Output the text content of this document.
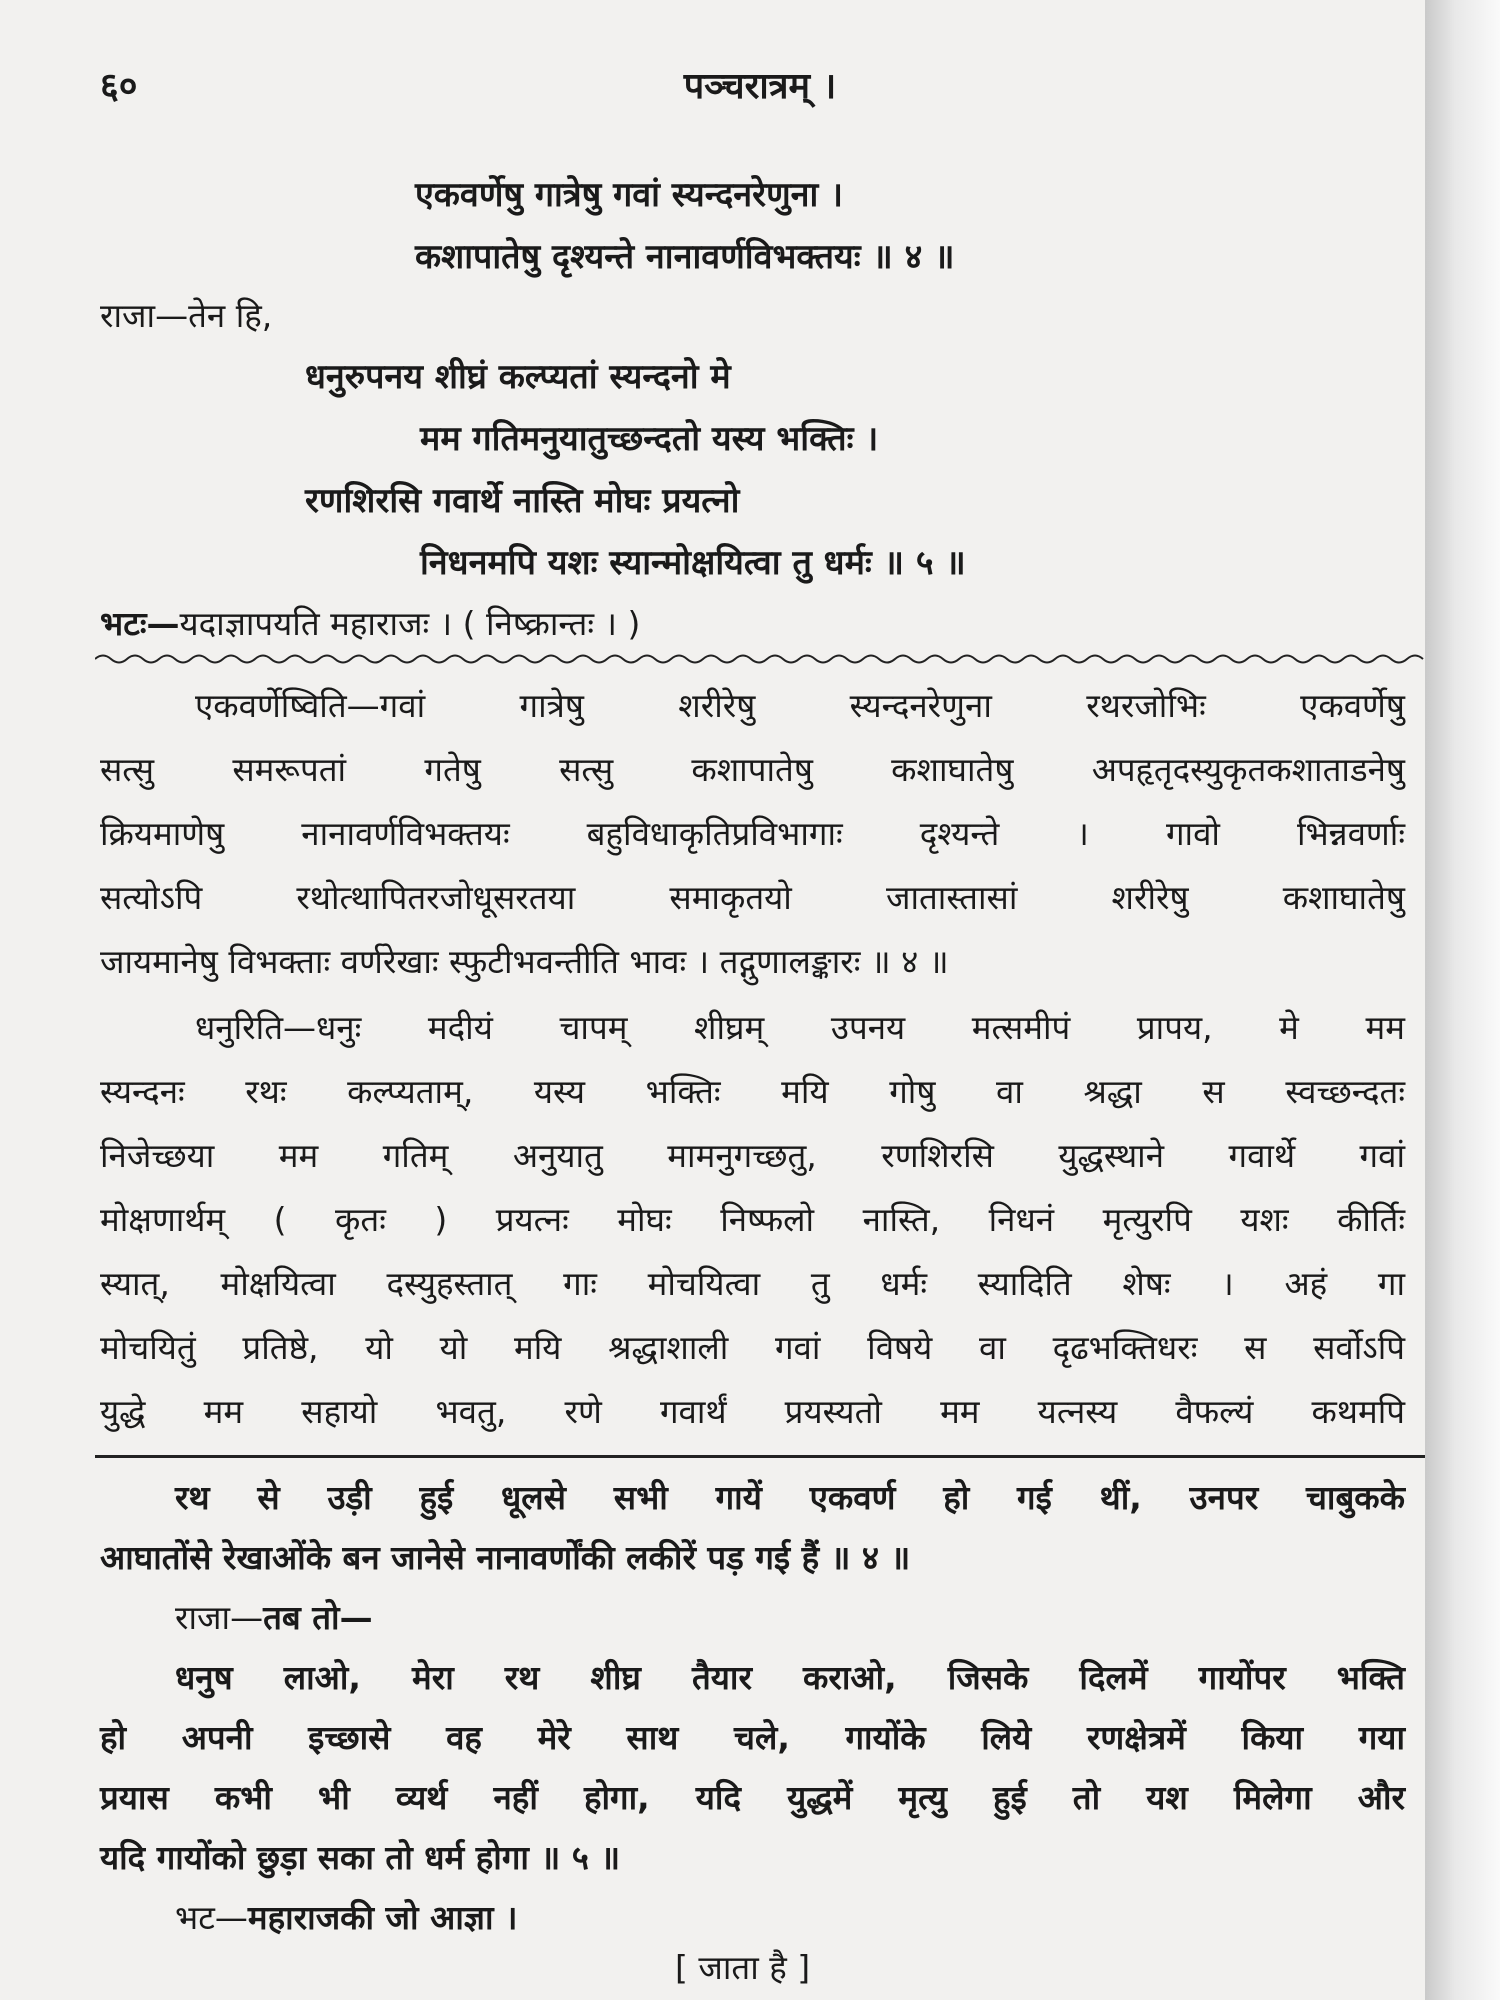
६०	पञ्चरात्रम् ।
एकवर्णेषु गात्रेषु गवां स्यन्दनरेणुना ।
कशापातेषु दृश्यन्ते नानावर्णविभक्तयः ॥ ४ ॥
राजा—तेन हि,
धनुरुपनय शीघ्रं कल्प्यतां स्यन्दनो मे
मम गतिमनुयातुच्छन्दतो यस्य भक्तिः ।
रणशिरसि गवार्थे नास्ति मोघः प्रयत्नो
निधनमपि यशः स्यान्मोक्षयित्वा तु धर्मः ॥ ५ ॥
भटः—यदाज्ञापयति महाराजः । ( निष्क्रान्तः । )
एकवर्णेष्विति—गवां गात्रेषु शरीरेषु स्यन्दनरेणुना रथरजोभिः एकवर्णेषु
सत्सु समरूपतां गतेषु सत्सु कशापातेषु कशाघातेषु अपहृतृदस्युकृतकशाताडनेषु
क्रियमाणेषु नानावर्णविभक्तयः बहुविधाकृतिप्रविभागाः दृश्यन्ते । गावो भिन्नवर्णाः
सत्योऽपि रथोत्थापितरजोधूसरतया समाकृतयो जातास्तासां शरीरेषु कशाघातेषु
जायमानेषु विभक्ताः वर्णरेखाः स्फुटीभवन्तीति भावः । तद्गुणालङ्कारः ॥ ४ ॥
धनुरिति—धनुः मदीयं चापम् शीघ्रम् उपनय मत्समीपं प्रापय, मे मम
स्यन्दनः रथः कल्प्यताम्, यस्य भक्तिः मयि गोषु वा श्रद्धा स स्वच्छन्दतः
निजेच्छया मम गतिम् अनुयातु मामनुगच्छतु, रणशिरसि युद्धस्थाने गवार्थे गवां
मोक्षणार्थम् ( कृतः ) प्रयत्नः मोघः निष्फलो नास्ति, निधनं मृत्युरपि यशः कीर्तिः
स्यात्, मोक्षयित्वा दस्युहस्तात् गाः मोचयित्वा तु धर्मः स्यादिति शेषः । अहं गा
मोचयितुं प्रतिष्ठे, यो यो मयि श्रद्धाशाली गवां विषये वा दृढभक्तिधरः स सर्वोऽपि
युद्धे मम सहायो भवतु, रणे गवार्थं प्रयस्यतो मम यत्नस्य वैफल्यं कथमपि
रथ से उड़ी हुई धूलसे सभी गायें एकवर्ण हो गई थीं, उनपर चाबुकके
आघातोंसे रेखाओंके बन जानेसे नानावर्णोंकी लकीरें पड़ गई हैं ॥ ४ ॥
राजा—तब तो—
धनुष लाओ, मेरा रथ शीघ्र तैयार कराओ, जिसके दिलमें गायोंपर भक्ति
हो अपनी इच्छासे वह मेरे साथ चले, गायोंके लिये रणक्षेत्रमें किया गया
प्रयास कभी भी व्यर्थ नहीं होगा, यदि युद्धमें मृत्यु हुई तो यश मिलेगा और
यदि गायोंको छुड़ा सका तो धर्म होगा ॥ ५ ॥
भट—महाराजकी जो आज्ञा ।
[ जाता है ]
